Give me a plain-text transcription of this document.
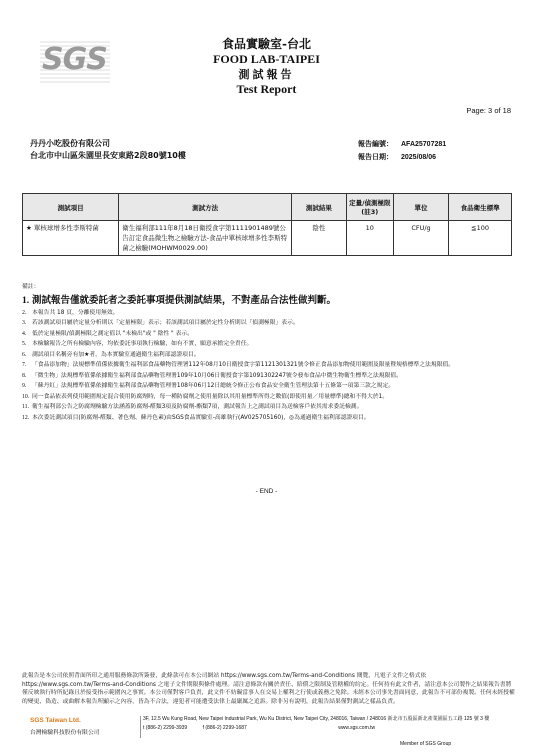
SGS	食品實驗室-台北
FOOD LAB-TAIPEI
測試報告
Test Report
Page: 3 of 18
丹丹小吃股份有限公司
台北市中山區朱園里長安東路2段80號10樓
報告編號： AFA25707281
報告日期： 2025/08/06
測試項目	測試方法	測試結果	定量/偵測極限(註3)	單位	食品衛生標準
★ 單核球增多性李斯特菌	衛生福利部111年8月18日衛授食字第1111901489號公告訂定食品微生物之檢驗方法-食品中單核球增多性李斯特菌之檢驗(MOHWM0029.00)	陰性	10	CFU/g	≦100
備註：
1. 測試報告僅就委託者之委託事項提供測試結果，不對產品合法性做判斷。
2. 本報告共 18 頁，分離使用無效。
3. 若該測試項目屬於定量分析則以「定量極限」表示；若該測試項目屬於定性分析則以「偵測極限」表示。
4. 低於定量極限/偵測極限之測定值以 "未檢出"或 " 陰性 " 表示。
5. 本檢驗報告之所有檢驗內容，均依委託事項執行檢驗，如有不實，願意承擔完全責任。
6. 測試項目名稱旁有加★者，為本實驗室通過衛生福利部認證項目。
7. 「食品添加物」法規標準值係依據衛生福利部食品藥物管理署112年08月10日衛授食字第1121301321號令修正食品添加物使用範圍及限量暨規格標準之法規限值。
8. 「微生物」法規標準值係依據衛生福利部食品藥物管理署109年10月06日衛授食字第1091302247號令發布食品中微生物衛生標準之法規限值。
9. 「蘇丹紅」法規標準值係依據衛生福利部食品藥物管理署108年06月12日總統令修正公布食品安全衛生管理法第十五條第一項第三款之規定。
10. 同一食品依表列使用範圍規定混合使用防腐劑時，每一種防腐劑之使用量除以其用量標準所得之數值(即使用量／用量標準)總和不得大於1。
11. 衛生福利部公告之防腐劑檢驗方法涵蓋防腐劑-醛類3項及防腐劑-酯類7項，測試報告上之測試項目為送檢客戶依其需求委託檢測。
12. 本次委託測試項目(防腐劑-醛類、著色劑、蘇丹色素)由SGS食品實驗室-高雄執行(AV025705160)，◎為通過衛生福利部認證項目。
- END -
此報告是本公司依照背面所印之通用服務條款所簽發，此條款可在本公司網站 https://www.sgs.com.tw/Terms-and-Conditions 閱覽，凡電子文件之格式依 https://www.sgs.com.tw/Terms-and-Conditions 之電子文件期限與條件處理。請注意條款有關於責任、賠償之限制及管轄權的約定。任何持有此文件者，請注意本公司製作之結果報告書將僅反映執行時所紀錄且於接受指示範圍內之事實。本公司僅對客戶負責，此文件不妨礙當事人在交易上權利之行使或義務之免除。未經本公司事先書面同意，此報告不可部份複製。任何未經授權的變更、偽造、或曲解本報告所顯示之內容，皆為不合法，違犯者可能遭受法律上最嚴厲之追訴。除非另有說明，此報告結果僅對測試之樣品負責。
SGS Taiwan Ltd.
台灣檢驗科技股份有限公司
3F, 12.5 Wu Kung Road, New Taipei Industrial Park, Wu Ku District, New Taipei City, 248016, Taiwan / 248016 新北市五股區新北產業園區五工路 125 號 3 樓
t (886-2) 2299-3939	f (886-2) 2299-1687	www.sgs.com.tw
Member of SGS Group
